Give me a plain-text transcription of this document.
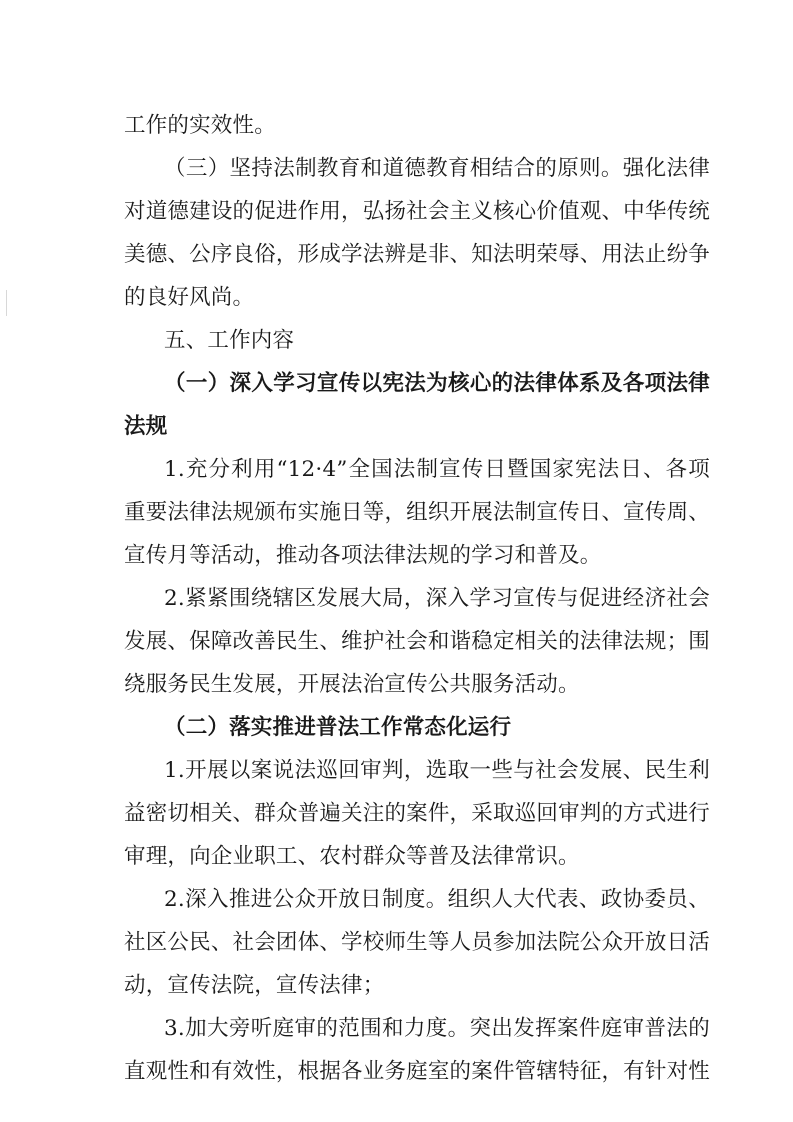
工作的实效性。
（三）坚持法制教育和道德教育相结合的原则。强化法律
对道德建设的促进作用，弘扬社会主义核心价值观、中华传统
美德、公序良俗，形成学法辨是非、知法明荣辱、用法止纷争
的良好风尚。
五、工作内容
（一）深入学习宣传以宪法为核心的法律体系及各项法律
法规
1.充分利用“12·4”全国法制宣传日暨国家宪法日、各项
重要法律法规颁布实施日等，组织开展法制宣传日、宣传周、
宣传月等活动，推动各项法律法规的学习和普及。
2.紧紧围绕辖区发展大局，深入学习宣传与促进经济社会
发展、保障改善民生、维护社会和谐稳定相关的法律法规；围
绕服务民生发展，开展法治宣传公共服务活动。
（二）落实推进普法工作常态化运行
1.开展以案说法巡回审判，选取一些与社会发展、民生利
益密切相关、群众普遍关注的案件，采取巡回审判的方式进行
审理，向企业职工、农村群众等普及法律常识。
2.深入推进公众开放日制度。组织人大代表、政协委员、
社区公民、社会团体、学校师生等人员参加法院公众开放日活
动，宣传法院，宣传法律；
3.加大旁听庭审的范围和力度。突出发挥案件庭审普法的
直观性和有效性，根据各业务庭室的案件管辖特征，有针对性
